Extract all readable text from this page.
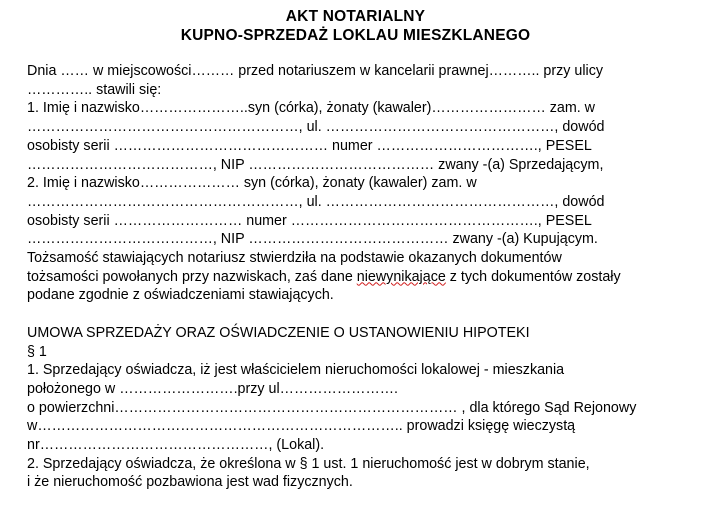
AKT NOTARIALNY
KUPNO-SPRZEDAŻ LOKLAU MIESZKLANEGO
Dnia …… w miejscowości……… przed notariuszem w kancelarii prawnej……….. przy ulicy
………….. stawili się:
1. Imię i nazwisko…………………..syn (córka), żonaty (kawaler)…………………… zam. w
…………………………………………………, ul. …………………………………………, dowód
osobisty serii ……………………………………… numer ……………………………., PESEL
…………………………………, NIP ………………………………… zwany -(a) Sprzedającym,
2. Imię i nazwisko………………… syn (córka), żonaty (kawaler) zam. w
…………………………………………………, ul. …………………………………………, dowód
osobisty serii ……………………… numer ……………………………………………., PESEL
…………………………………, NIP …………………………………… zwany -(a) Kupującym.
Tożsamość stawiających notariusz stwierdziła na podstawie okazanych dokumentów
tożsamości powołanych przy nazwiskach, zaś dane niewynikające z tych dokumentów zostały
podane zgodnie z oświadczeniami stawiających.

UMOWA SPRZEDAŻY ORAZ OŚWIADCZENIE O USTANOWIENIU HIPOTEKI
§ 1
1. Sprzedający oświadcza, iż jest właścicielem nieruchomości lokalowej - mieszkania
położonego w …………………….przy ul…………………….
o powierzchni……………………………………………………………… , dla którego Sąd Rejonowy
w………………………………………………………………….. prowadzi księgę wieczystą
nr…………………………………………, (Lokal).
2. Sprzedający oświadcza, że określona w § 1 ust. 1 nieruchomość jest w dobrym stanie,
i że nieruchomość pozbawiona jest wad fizycznych.
